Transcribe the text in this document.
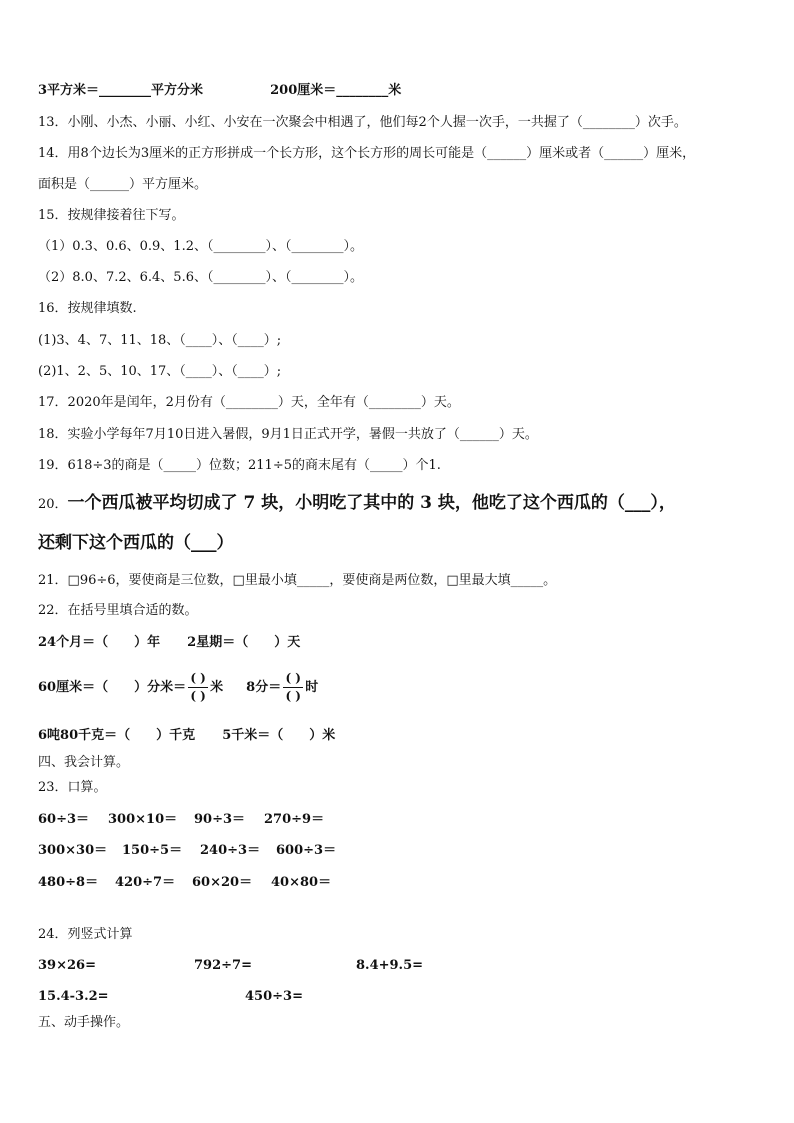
3平方米＝________平方分米	200厘米＝________米
13．小刚、小杰、小丽、小红、小安在一次聚会中相遇了，他们每2个人握一次手，一共握了（________）次手。
14．用8个边长为3厘米的正方形拼成一个长方形，这个长方形的周长可能是（______）厘米或者（______）厘米，
面积是（______）平方厘米。
15．按规律接着往下写。
（1）0.3、0.6、0.9、1.2、（________）、（________）。
（2）8.0、7.2、6.4、5.6、（________）、（________）。
16．按规律填数.
(1)3、4、7、11、18、（____）、（____）;
(2)1、2、5、10、17、（____）、（____）;
17．2020年是闰年，2月份有（________）天，全年有（________）天。
18．实验小学每年7月10日进入暑假，9月1日正式开学，暑假一共放了（______）天。
19．618÷3的商是（_____）位数；211÷5的商末尾有（_____）个1.
20．一个西瓜被平均切成了 7 块，小明吃了其中的 3 块，他吃了这个西瓜的（___），
还剩下这个西瓜的（___）
21．□96÷6，要使商是三位数，□里最小填_____，要使商是两位数，□里最大填_____。
22．在括号里填合适的数。
24个月＝（　　）年 2星期＝（　　）天
60厘米＝（　　）分米＝ $\frac{( )}{( )}$ 米 8分＝ $\frac{( )}{( )}$ 时
6吨80千克＝（　　）千克 5千米＝（　　）米
四、我会计算。
23．口算。
60÷3＝ 300×10＝ 90÷3＝ 270÷9＝
300×30＝ 150÷5＝ 240÷3＝ 600÷3＝
480÷8＝ 420÷7＝ 60×20＝ 40×80＝
24．列竖式计算
39×26=	792÷7=	8.4+9.5=
15.4-3.2=	450÷3=
五、动手操作。
